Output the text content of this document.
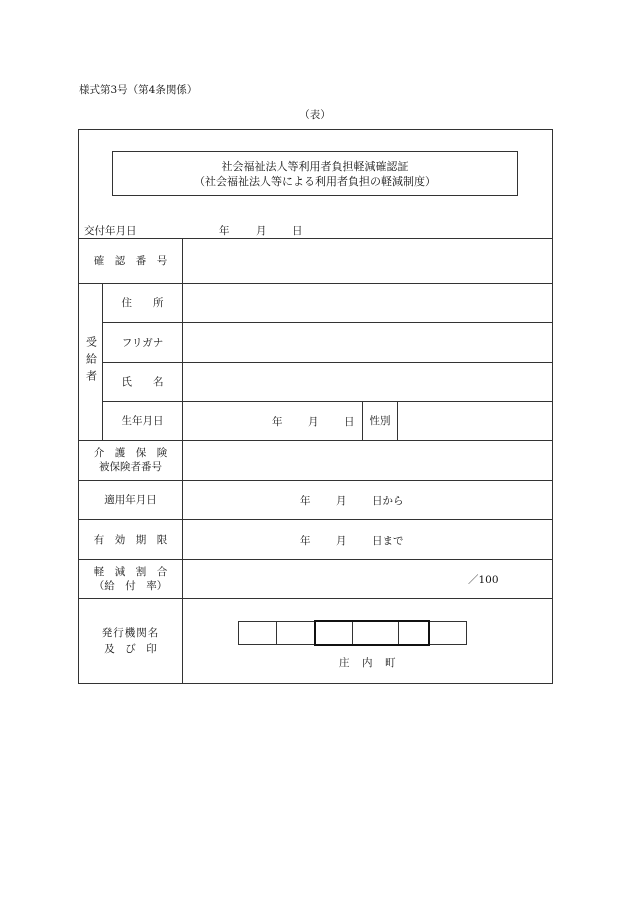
様式第3号（第4条関係）
（表）
社会福祉法人等利用者負担軽減確認証
（社会福祉法人等による利用者負担の軽減制度）
交付年月日	年	月 日
確　認　番　号
受給者
住　　所
フリガナ
氏　　名
生年月日	年 月 日	性別
介　護　保　険
被保険者番号
適用年月日	年 月 日から
有　効　期　限	年 月 日まで
軽　減　割　合
（給　付　率）	／100
発行機関名
及　び　印
庄　内　町
